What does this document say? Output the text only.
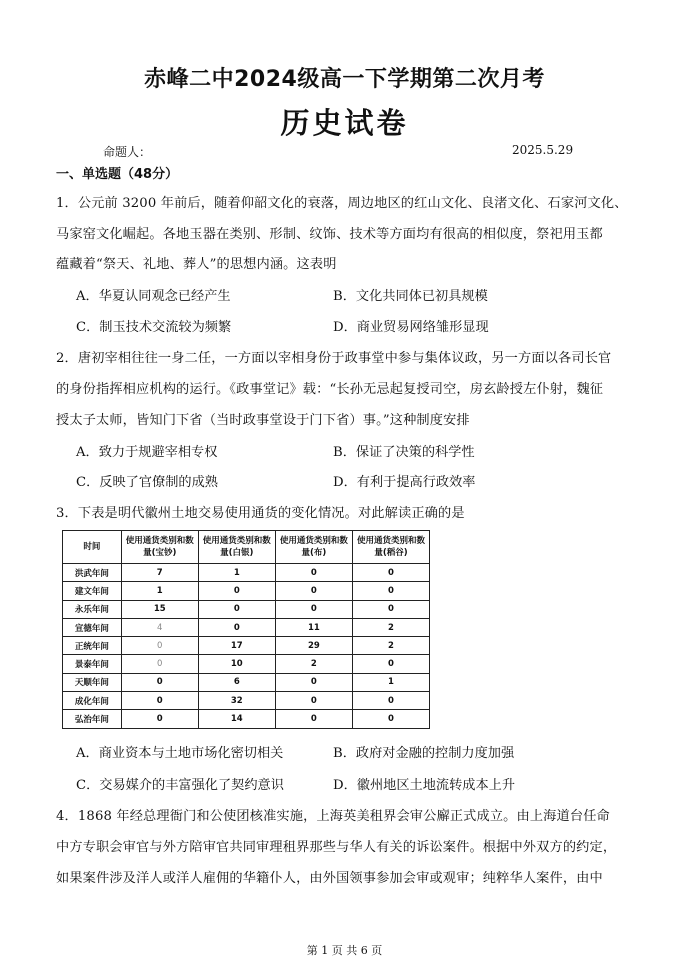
赤峰二中2024级高一下学期第二次月考
历史试卷
命题人：	2025.5.29
一、单选题（48分）
1．公元前 3200 年前后，随着仰韶文化的衰落，周边地区的红山文化、良渚文化、石家河文化、
马家窑文化崛起。各地玉器在类别、形制、纹饰、技术等方面均有很高的相似度，祭祀用玉都
蕴藏着“祭天、礼地、葬人”的思想内涵。这表明
A．华夏认同观念已经产生	B．文化共同体已初具规模
C．制玉技术交流较为频繁	D．商业贸易网络雏形显现
2．唐初宰相往往一身二任，一方面以宰相身份于政事堂中参与集体议政，另一方面以各司长官
的身份指挥相应机构的运行。《政事堂记》载：“长孙无忌起复授司空，房玄龄授左仆射，魏征
授太子太师，皆知门下省（当时政事堂设于门下省）事。”这种制度安排
A．致力于规避宰相专权	B．保证了决策的科学性
C．反映了官僚制的成熟	D．有利于提高行政效率
3．下表是明代徽州土地交易使用通货的变化情况。对此解读正确的是
时间	使用通货类别和数量(宝钞)	使用通货类别和数量(白银)	使用通货类别和数量(布)	使用通货类别和数量(稻谷)
洪武年间	7	1	0	0
建文年间	1	0	0	0
永乐年间	15	0	0	0
宣德年间	4	0	11	2
正统年间	0	17	29	2
景泰年间	0	10	2	0
天顺年间	0	6	0	1
成化年间	0	32	0	0
弘治年间	0	14	0	0
A．商业资本与土地市场化密切相关	B．政府对金融的控制力度加强
C．交易媒介的丰富强化了契约意识	D．徽州地区土地流转成本上升
4．1868 年经总理衙门和公使团核准实施，上海英美租界会审公廨正式成立。由上海道台任命
中方专职会审官与外方陪审官共同审理租界那些与华人有关的诉讼案件。根据中外双方的约定，
如果案件涉及洋人或洋人雇佣的华籍仆人，由外国领事参加会审或观审；纯粹华人案件，由中
第 1 页 共 6 页
